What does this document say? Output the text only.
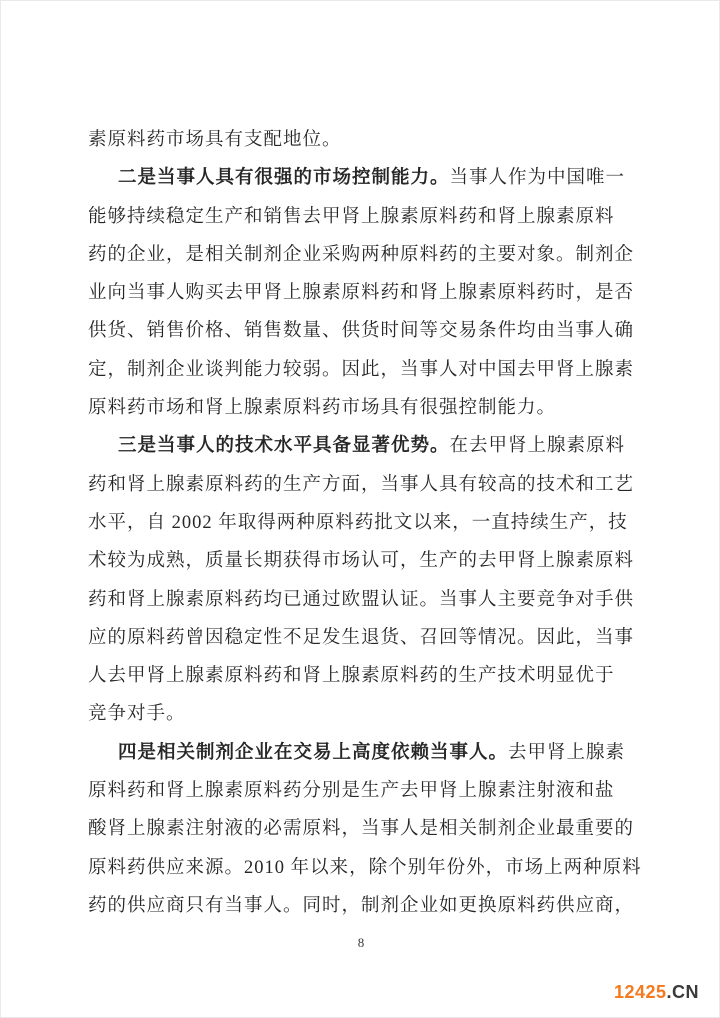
素原料药市场具有支配地位。
二是当事人具有很强的市场控制能力。当事人作为中国唯一
能够持续稳定生产和销售去甲肾上腺素原料药和肾上腺素原料
药的企业，是相关制剂企业采购两种原料药的主要对象。制剂企
业向当事人购买去甲肾上腺素原料药和肾上腺素原料药时，是否
供货、销售价格、销售数量、供货时间等交易条件均由当事人确
定，制剂企业谈判能力较弱。因此，当事人对中国去甲肾上腺素
原料药市场和肾上腺素原料药市场具有很强控制能力。
三是当事人的技术水平具备显著优势。在去甲肾上腺素原料
药和肾上腺素原料药的生产方面，当事人具有较高的技术和工艺
水平，自 2002 年取得两种原料药批文以来，一直持续生产，技
术较为成熟，质量长期获得市场认可，生产的去甲肾上腺素原料
药和肾上腺素原料药均已通过欧盟认证。当事人主要竞争对手供
应的原料药曾因稳定性不足发生退货、召回等情况。因此，当事
人去甲肾上腺素原料药和肾上腺素原料药的生产技术明显优于
竞争对手。
四是相关制剂企业在交易上高度依赖当事人。去甲肾上腺素
原料药和肾上腺素原料药分别是生产去甲肾上腺素注射液和盐
酸肾上腺素注射液的必需原料，当事人是相关制剂企业最重要的
原料药供应来源。2010 年以来，除个别年份外，市场上两种原料
药的供应商只有当事人。同时，制剂企业如更换原料药供应商，
8
12425.CN
